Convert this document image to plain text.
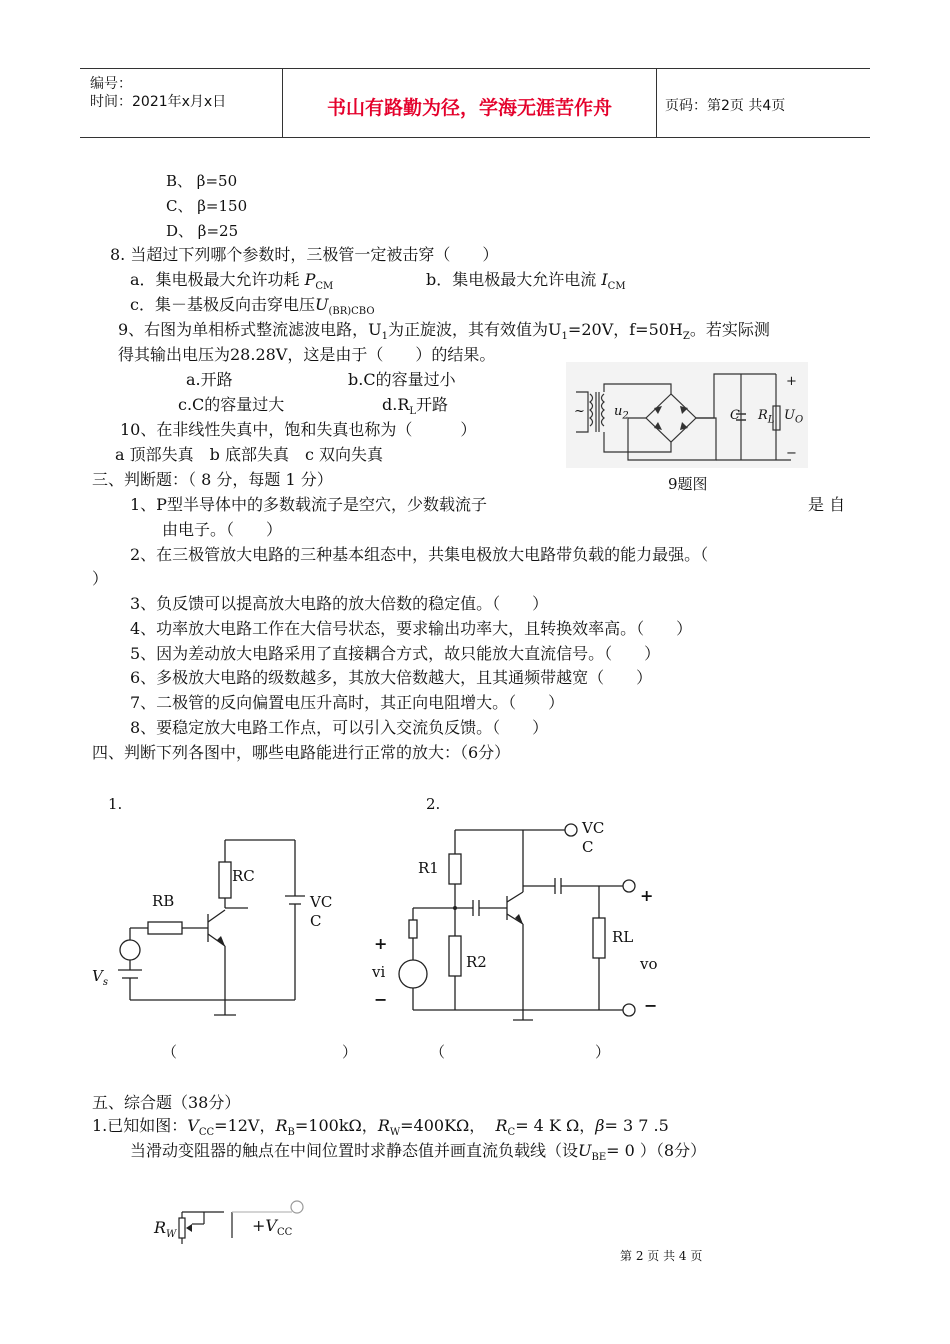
编号：
时间：2021年x月x日	书山有路勤为径，学海无涯苦作舟	页码：第2页 共4页
B、 β=50
C、 β=150
D、 β=25
8. 当超过下列哪个参数时，三极管一定被击穿（　　）
a．集电极最大允许功耗 $P_{CM}$	b．集电极最大允许电流 $I_{CM}$
c．集－基极反向击穿电压$U_{(BR)CBO}$
9、右图为单相桥式整流滤波电路，$U_1$为正旋波，其有效值为$U_1=20V$，$f=50H_Z$。若实际测
得其输出电压为28.28V，这是由于（　　）的结果。
a.开路	b.C的容量过小
c.C的容量过大	$d.R_L$开路
10、在非线性失真中，饱和失真也称为（　　　）
a 顶部失真　b 底部失真　c 双向失真
~ $u_2$	C $R_L$ $U_O$
+
−
9题图
三、判断题：（ 8 分，每题 1 分）
1、P型半导体中的多数载流子是空穴，少数载流子	是 自
由电子。（　　）
2、在三极管放大电路的三种基本组态中，共集电极放大电路带负载的能力最强。（
）
3、负反馈可以提高放大电路的放大倍数的稳定值。（　　）
4、功率放大电路工作在大信号状态，要求输出功率大，且转换效率高。（　　）
5、因为差动放大电路采用了直接耦合方式，故只能放大直流信号。（　　）
6、多极放大电路的级数越多，其放大倍数越大，且其通频带越宽（　　）
7、二极管的反向偏置电压升高时，其正向电阻增大。（　　）
8、要稳定放大电路工作点，可以引入交流负反馈。（　　）
四、判断下列各图中，哪些电路能进行正常的放大：（6分）
1.
RC
RB	VC
C
$V_s$
（　　　　　　　　　　　）
2.
VC
C
R1
R2
RL
vi	vo
+
−
+
−
（　　　　　　　　　　）
五、综合题（38分）
1.已知如图：$V_{CC}=12V$，$R_B=100k\Omega$，$R_W=400K\Omega$， $R_C= 4$ K Ω，β= 3 7 .5
当滑动变阻器的触点在中间位置时求静态值并画直流负载线（设$U_{BE}= 0$ ）（8分）
$R_W$	$+V_{CC}$
第 2 页 共 4 页
